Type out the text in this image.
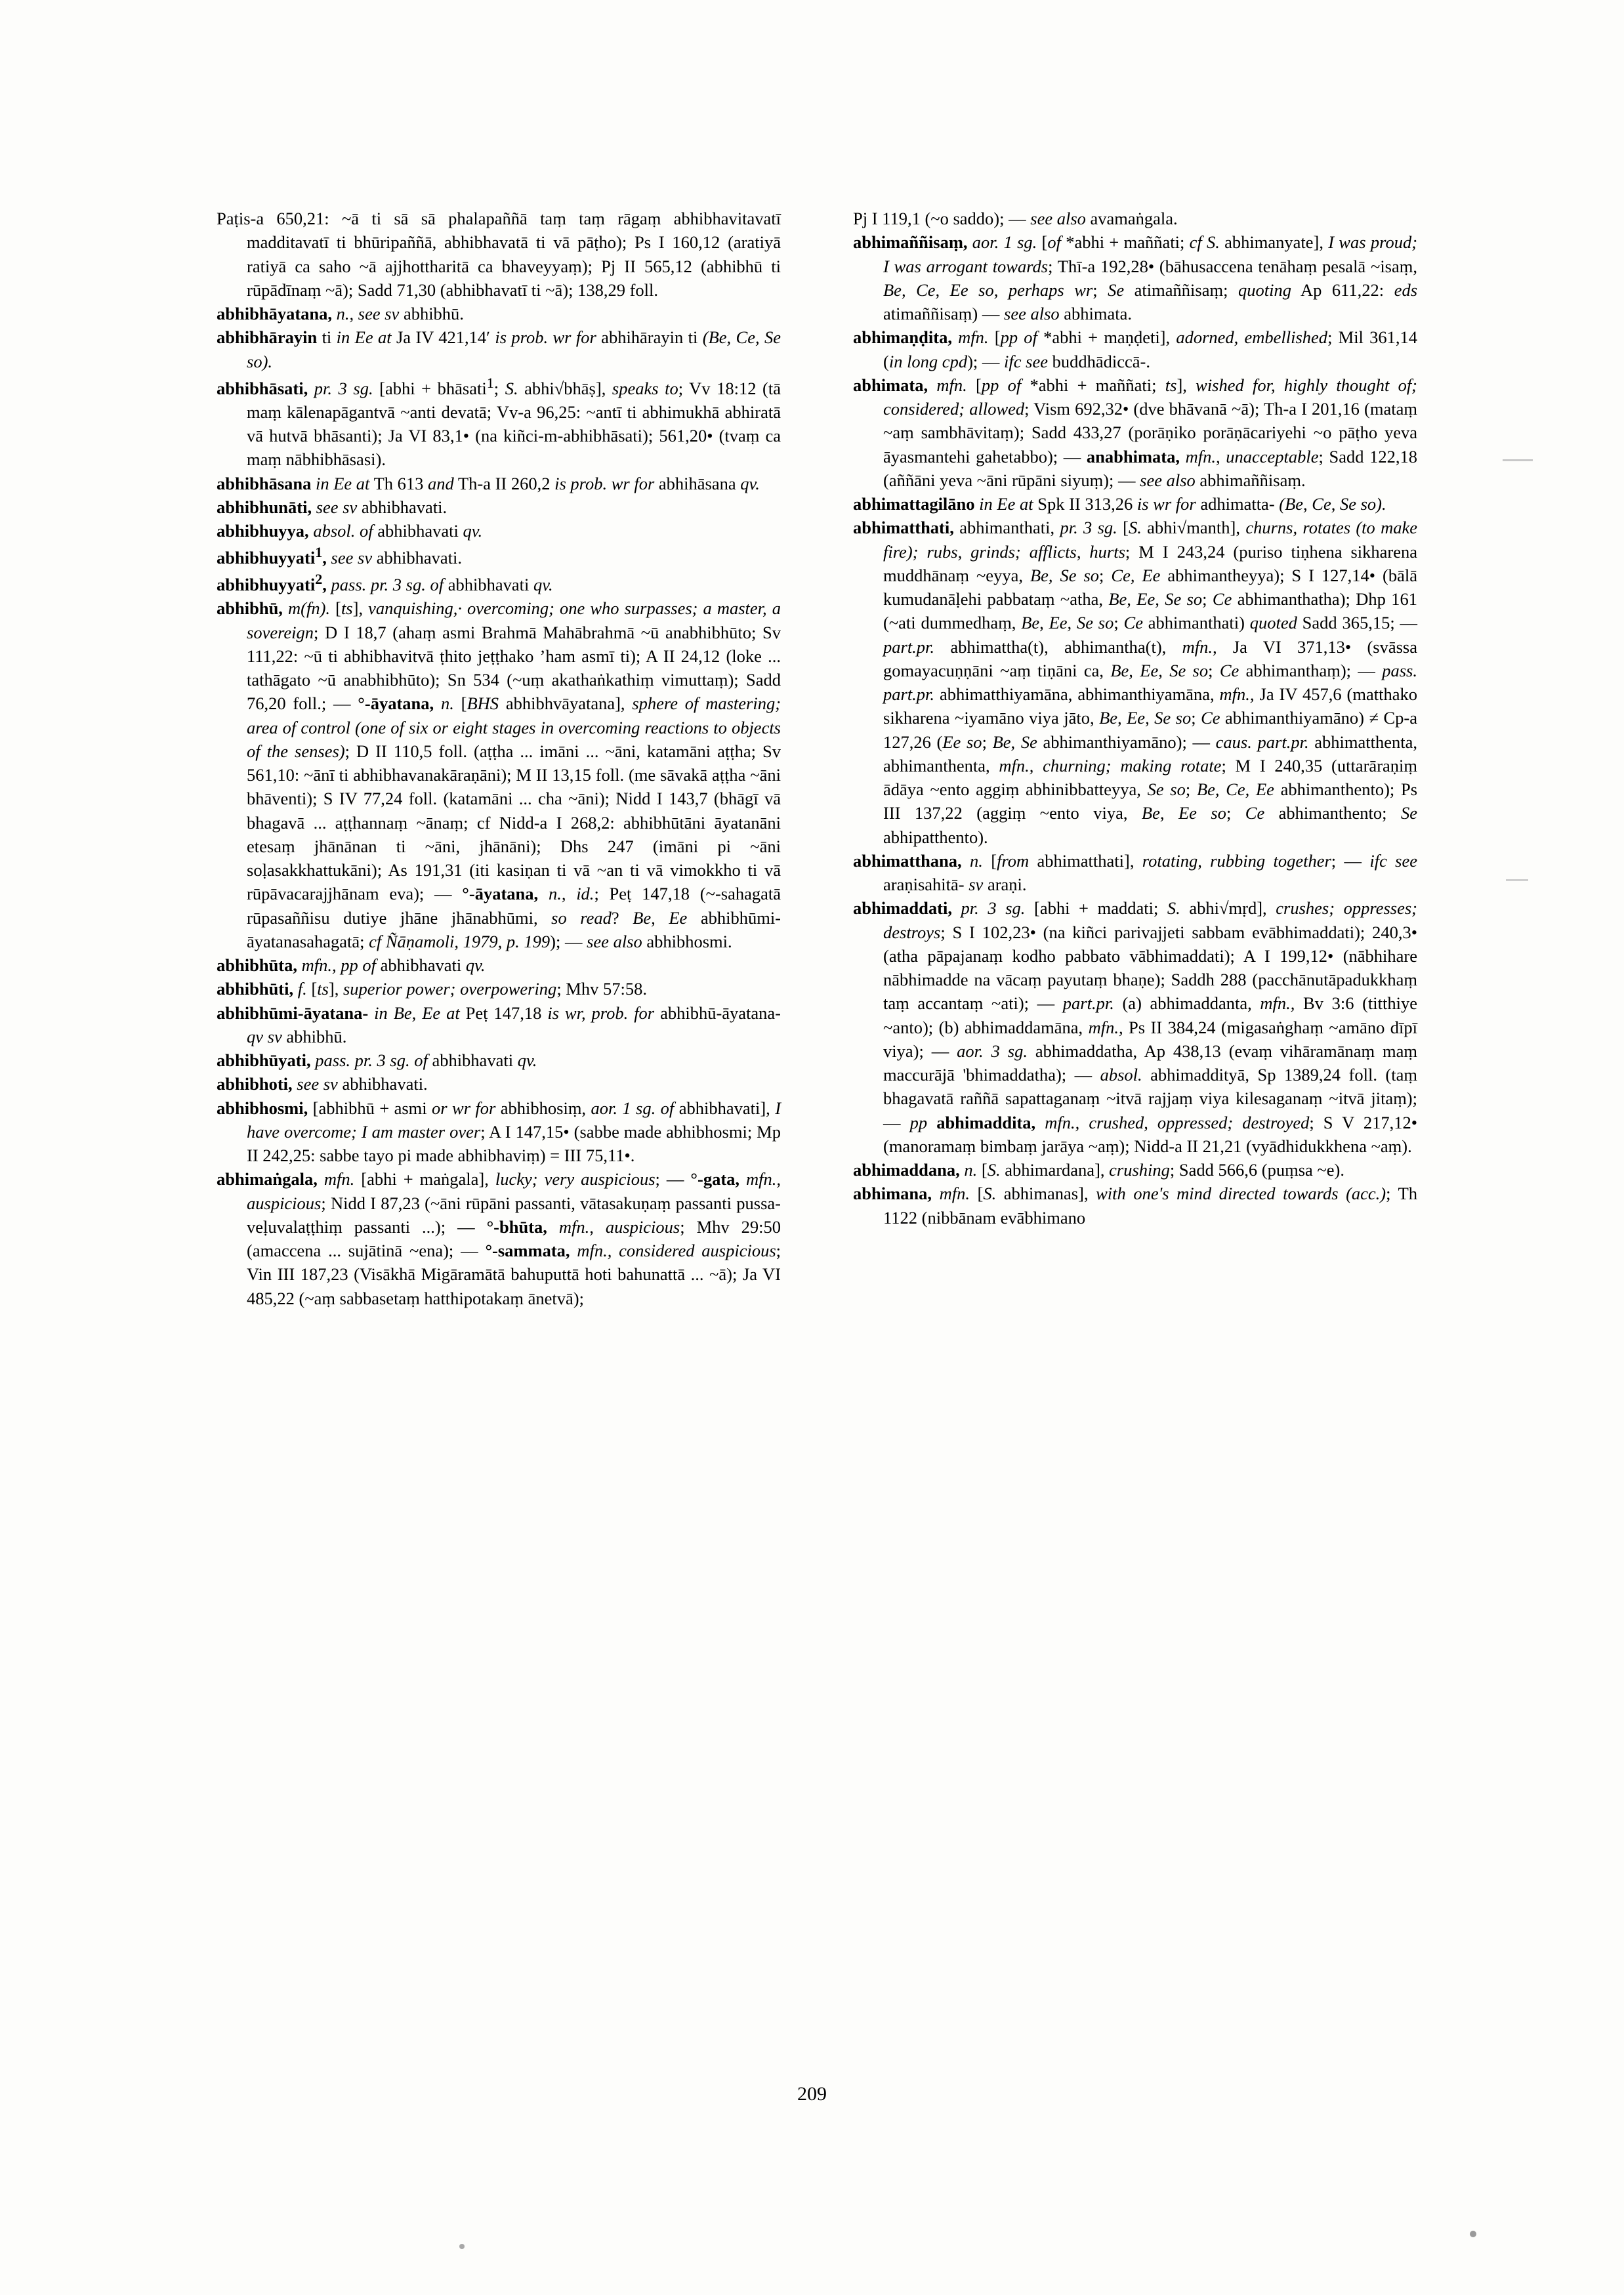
Paṭis-a 650,21: ~ā ti sā sā phalapaññā taṃ taṃ rāgaṃ abhibhavitavatī madditavatī ti bhūripaññā, abhibhavatā ti vā pāṭho); Ps I 160,12 (aratiyā ratiyā ca saho ~ā ajjhottharitā ca bhaveyyaṃ); Pj II 565,12 (abhibhū ti rūpādīnaṃ ~ā); Sadd 71,30 (abhibhavatī ti ~ā); 138,29 foll.

abhibhāyatana, n., see sv abhibhū.

abhibhārayin ti in Ee at Ja IV 421,14ʹ is prob. wr for abhihārayin ti (Be, Ce, Se so).

abhibhāsati, pr. 3 sg. [abhi + bhāsati$^1$; S. abhi√bhāṣ], speaks to; Vv 18:12 (tā maṃ kālenapāgantvā ~anti devatā; Vv-a 96,25: ~antī ti abhimukhā abhiratā vā hutvā bhāsanti); Ja VI 83,1• (na kiñci-m-abhibhāsati); 561,20• (tvaṃ ca maṃ nābhibhāsasi).

abhibhāsana in Ee at Th 613 and Th-a II 260,2 is prob. wr for abhihāsana qv.

abhibhunāti, see sv abhibhavati.

abhibhuyya, absol. of abhibhavati qv.

abhibhuyyati$^1$, see sv abhibhavati.

abhibhuyyati$^2$, pass. pr. 3 sg. of abhibhavati qv.

abhibhū, m(fn). [ts], vanquishing,· overcoming; one who surpasses; a master, a sovereign; D I 18,7 (ahaṃ asmi Brahmā Mahābrahmā ~ū anabhibhūto; Sv 111,22: ~ū ti abhibhavitvā ṭhito jeṭṭhako ’ham asmī ti); A II 24,12 (loke ... tathāgato ~ū anabhibhūto); Sn 534 (~uṃ akathaṅkathiṃ vimuttaṃ); Sadd 76,20 foll.; — °-āyatana, n. [BHS abhibhvāyatana], sphere of mastering; area of control (one of six or eight stages in overcoming reactions to objects of the senses); D II 110,5 foll. (aṭṭha ... imāni ... ~āni, katamāni aṭṭha; Sv 561,10: ~ānī ti abhibhavanakāraṇāni); M II 13,15 foll. (me sāvakā aṭṭha ~āni bhāventi); S IV 77,24 foll. (katamāni ... cha ~āni); Nidd I 143,7 (bhāgī vā bhagavā ... aṭṭhannaṃ ~ānaṃ; cf Nidd-a I 268,2: abhibhūtāni āyatanāni etesaṃ jhānānan ti ~āni, jhānāni); Dhs 247 (imāni pi ~āni soḷasakkhattukāni); As 191,31 (iti kasiṇan ti vā ~an ti vā vimokkho ti vā rūpāvacarajjhānam eva); — °-āyatana, n., id.; Peṭ 147,18 (~-sahagatā rūpasaññisu dutiye jhāne jhānabhūmi, so read? Be, Ee abhibhūmi-āyatanasahagatā; cf Ñāṇamoli, 1979, p. 199); — see also abhibhosmi.

abhibhūta, mfn., pp of abhibhavati qv.

abhibhūti, f. [ts], superior power; overpowering; Mhv 57:58.

abhibhūmi-āyatana- in Be, Ee at Peṭ 147,18 is wr, prob. for abhibhū-āyatana- qv sv abhibhū.

abhibhūyati, pass. pr. 3 sg. of abhibhavati qv.

abhibhoti, see sv abhibhavati.

abhibhosmi, [abhibhū + asmi or wr for abhibhosiṃ, aor. 1 sg. of abhibhavati], I have overcome; I am master over; A I 147,15• (sabbe made abhibhosmi; Mp II 242,25: sabbe tayo pi made abhibhaviṃ) = III 75,11•.

abhimaṅgala, mfn. [abhi + maṅgala], lucky; very auspicious; — °-gata, mfn., auspicious; Nidd I 87,23 (~āni rūpāni passanti, vātasakuṇaṃ passanti pussa-veḷuvalaṭṭhiṃ passanti ...); — °-bhūta, mfn., auspicious; Mhv 29:50 (amaccena ... sujātinā ~ena); — °-sammata, mfn., considered auspicious; Vin III 187,23 (Visākhā Migāramātā bahuputtā hoti bahunattā ... ~ā); Ja VI 485,22 (~aṃ sabbasetaṃ hatthipotakaṃ ānetvā);

Pj I 119,1 (~o saddo); — see also avamaṅgala.

abhimaññisaṃ, aor. 1 sg. [of *abhi + maññati; cf S. abhimanyate], I was proud; I was arrogant towards; Thī-a 192,28• (bāhusaccena tenāhaṃ pesalā ~isaṃ, Be, Ce, Ee so, perhaps wr; Se atimaññisaṃ; quoting Ap 611,22: eds atimaññisaṃ) — see also abhimata.

abhimaṇḍita, mfn. [pp of *abhi + maṇḍeti], adorned, embellished; Mil 361,14 (in long cpd); — ifc see buddhādiccā-.

abhimata, mfn. [pp of *abhi + maññati; ts], wished for, highly thought of; considered; allowed; Vism 692,32• (dve bhāvanā ~ā); Th-a I 201,16 (mataṃ ~aṃ sambhāvitaṃ); Sadd 433,27 (porāṇiko porāṇācariyehi ~o pāṭho yeva āyasmantehi gahetabbo); — anabhimata, mfn., unacceptable; Sadd 122,18 (aññāni yeva ~āni rūpāni siyuṃ); — see also abhimaññisaṃ.

abhimattagilāno in Ee at Spk II 313,26 is wr for adhimatta- (Be, Ce, Se so).

abhimatthati, abhimanthati, pr. 3 sg. [S. abhi√manth], churns, rotates (to make fire); rubs, grinds; afflicts, hurts; M I 243,24 (puriso tiṇhena sikharena muddhānaṃ ~eyya, Be, Se so; Ce, Ee abhimantheyya); S I 127,14• (bālā kumudanāḷehi pabbataṃ ~atha, Be, Ee, Se so; Ce abhimanthatha); Dhp 161 (~ati dummedhaṃ, Be, Ee, Se so; Ce abhimanthati) quoted Sadd 365,15; — part.pr. abhimattha(t), abhimantha(t), mfn., Ja VI 371,13• (svāssa gomayacuṇṇāni ~aṃ tiṇāni ca, Be, Ee, Se so; Ce abhimanthaṃ); — pass. part.pr. abhimatthiyamāna, abhimanthiyamāna, mfn., Ja IV 457,6 (matthako sikharena ~iyamāno viya jāto, Be, Ee, Se so; Ce abhimanthiyamāno) ≠ Cp-a 127,26 (Ee so; Be, Se abhimanthiyamāno); — caus. part.pr. abhimatthenta, abhimanthenta, mfn., churning; making rotate; M I 240,35 (uttarāraṇiṃ ādāya ~ento aggiṃ abhinibbatteyya, Se so; Be, Ce, Ee abhimanthento); Ps III 137,22 (aggiṃ ~ento viya, Be, Ee so; Ce abhimanthento; Se abhipatthento).

abhimatthana, n. [from abhimatthati], rotating, rubbing together; — ifc see araṇisahitā- sv araṇi.

abhimaddati, pr. 3 sg. [abhi + maddati; S. abhi√mṛd], crushes; oppresses; destroys; S I 102,23• (na kiñci parivajjeti sabbam evābhimaddati); 240,3• (atha pāpajanaṃ kodho pabbato vābhimaddati); A I 199,12• (nābhihare nābhimadde na vācaṃ payutaṃ bhaṇe); Saddh 288 (pacchānutāpadukkhaṃ taṃ accantaṃ ~ati); — part.pr. (a) abhimaddanta, mfn., Bv 3:6 (titthiye ~anto); (b) abhimaddamāna, mfn., Ps II 384,24 (migasaṅghaṃ ~amāno dīpī viya); — aor. 3 sg. abhimaddatha, Ap 438,13 (evaṃ vihāramānaṃ maṃ maccurājā 'bhimaddatha); — absol. abhimaddityā, Sp 1389,24 foll. (taṃ bhagavatā raññā sapattaganaṃ ~itvā rajjaṃ viya kilesaganaṃ ~itvā jitaṃ); — pp abhimaddita, mfn., crushed, oppressed; destroyed; S V 217,12• (manoramaṃ bimbaṃ jarāya ~aṃ); Nidd-a II 21,21 (vyādhidukkhena ~aṃ).

abhimaddana, n. [S. abhimardana], crushing; Sadd 566,6 (puṃsa ~e).

abhimana, mfn. [S. abhimanas], with one's mind directed towards (acc.); Th 1122 (nibbānam evābhimano

209
